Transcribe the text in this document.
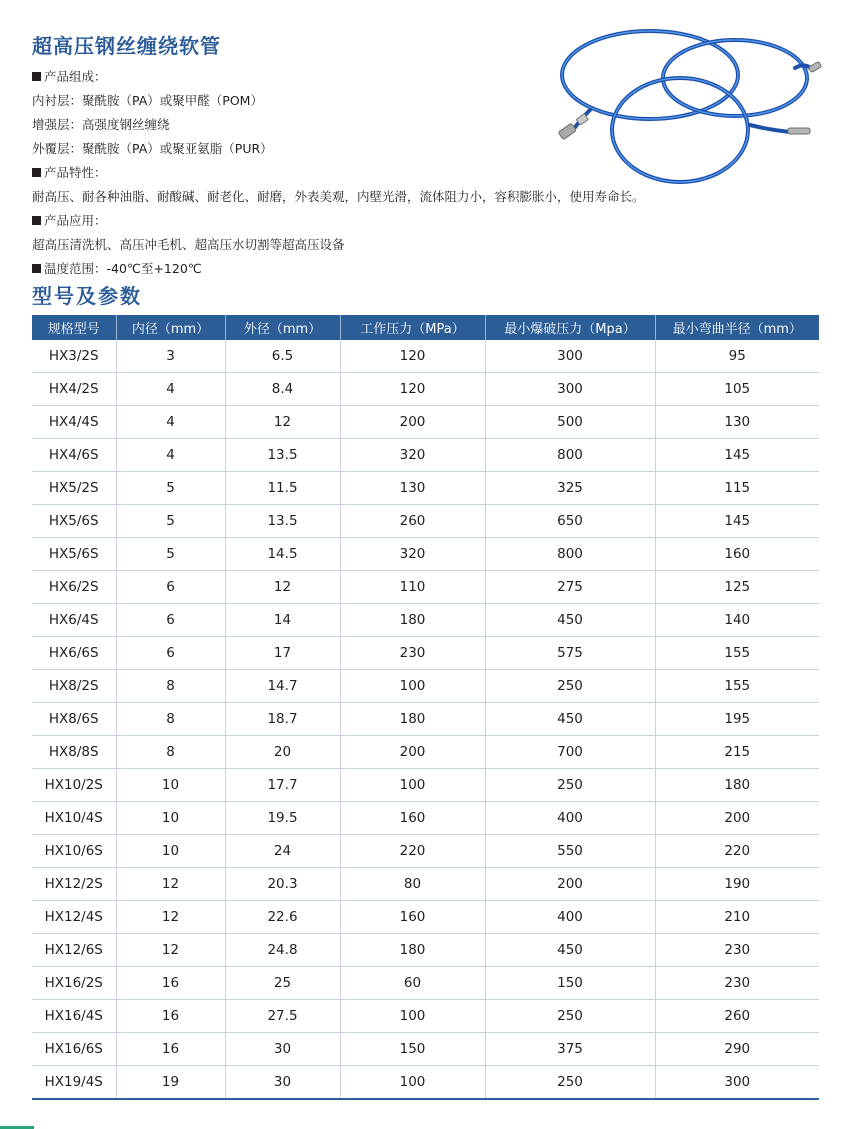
超高压钢丝缠绕软管
产品组成：
内衬层：聚酰胺（PA）或聚甲醛（POM）
增强层：高强度钢丝缠绕
外覆层：聚酰胺（PA）或聚亚氨脂（PUR）
产品特性：
耐高压、耐各种油脂、耐酸碱、耐老化、耐磨，外表美观，内壁光滑，流体阻力小，容积膨胀小，使用寿命长。
产品应用：
超高压清洗机、高压冲毛机、超高压水切割等超高压设备
温度范围：-40℃至+120℃
型号及参数
规格型号	内径（mm）	外径（mm）	工作压力（MPa）	最小爆破压力（Mpa）	最小弯曲半径（mm）
HX3/2S	3	6.5	120	300	95
HX4/2S	4	8.4	120	300	105
HX4/4S	4	12	200	500	130
HX4/6S	4	13.5	320	800	145
HX5/2S	5	11.5	130	325	115
HX5/6S	5	13.5	260	650	145
HX5/6S	5	14.5	320	800	160
HX6/2S	6	12	110	275	125
HX6/4S	6	14	180	450	140
HX6/6S	6	17	230	575	155
HX8/2S	8	14.7	100	250	155
HX8/6S	8	18.7	180	450	195
HX8/8S	8	20	200	700	215
HX10/2S	10	17.7	100	250	180
HX10/4S	10	19.5	160	400	200
HX10/6S	10	24	220	550	220
HX12/2S	12	20.3	80	200	190
HX12/4S	12	22.6	160	400	210
HX12/6S	12	24.8	180	450	230
HX16/2S	16	25	60	150	230
HX16/4S	16	27.5	100	250	260
HX16/6S	16	30	150	375	290
HX19/4S	19	30	100	250	300
